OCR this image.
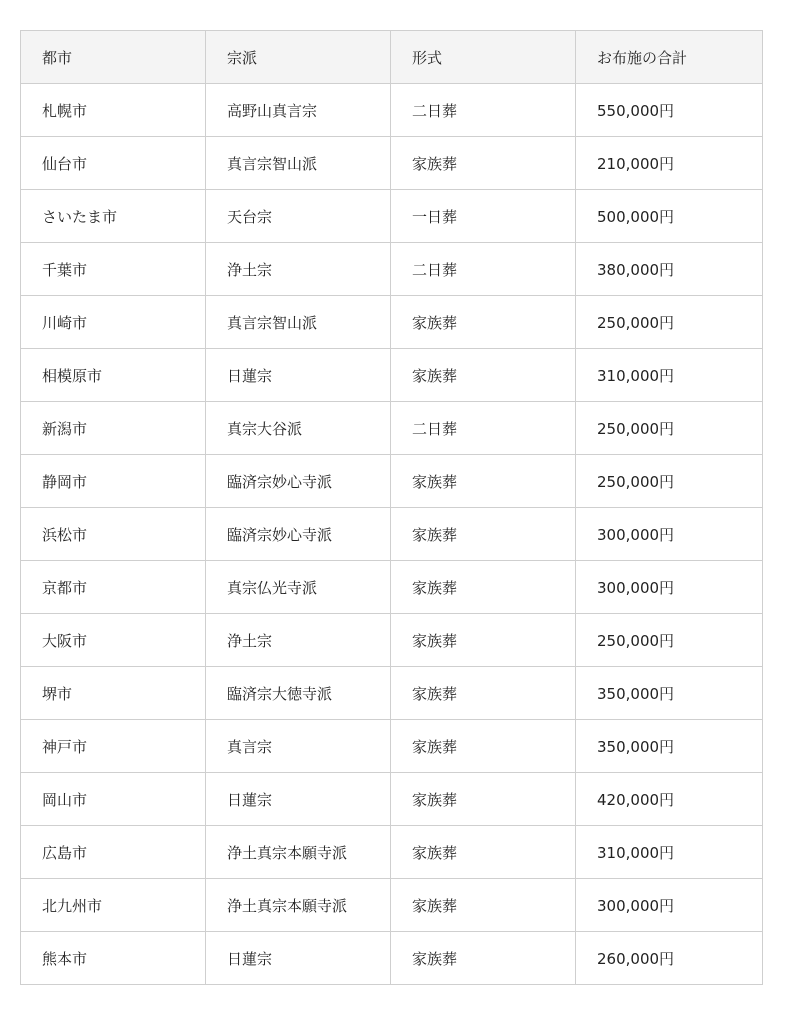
都市	宗派	形式	お布施の合計
札幌市	高野山真言宗	二日葬	550,000円
仙台市	真言宗智山派	家族葬	210,000円
さいたま市	天台宗	一日葬	500,000円
千葉市	浄土宗	二日葬	380,000円
川崎市	真言宗智山派	家族葬	250,000円
相模原市	日蓮宗	家族葬	310,000円
新潟市	真宗大谷派	二日葬	250,000円
静岡市	臨済宗妙心寺派	家族葬	250,000円
浜松市	臨済宗妙心寺派	家族葬	300,000円
京都市	真宗仏光寺派	家族葬	300,000円
大阪市	浄土宗	家族葬	250,000円
堺市	臨済宗大徳寺派	家族葬	350,000円
神戸市	真言宗	家族葬	350,000円
岡山市	日蓮宗	家族葬	420,000円
広島市	浄土真宗本願寺派	家族葬	310,000円
北九州市	浄土真宗本願寺派	家族葬	300,000円
熊本市	日蓮宗	家族葬	260,000円
